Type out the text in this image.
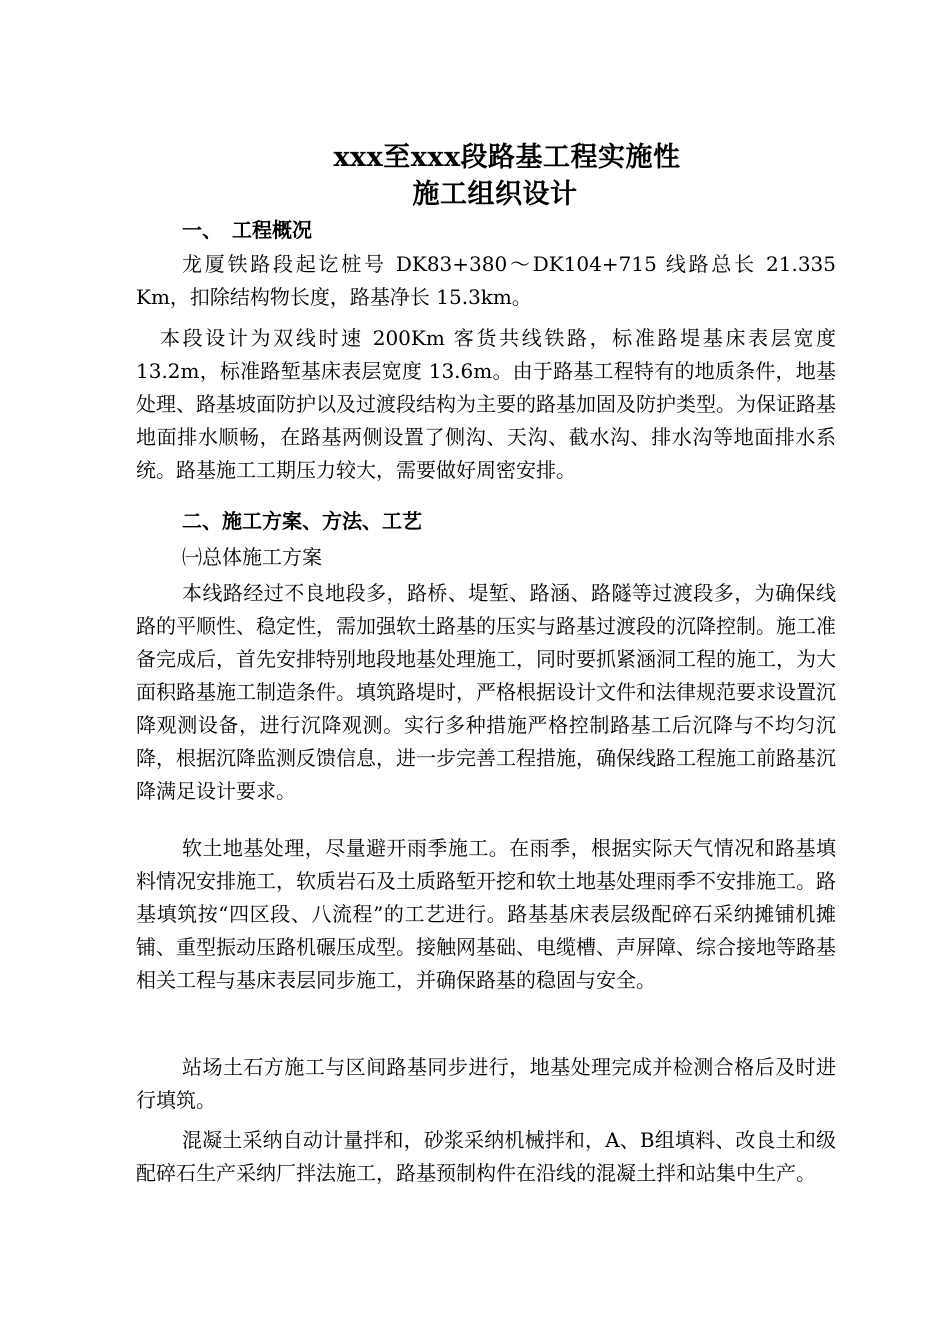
xxx至xxx段路基工程实施性
施工组织设计
一、　工程概况

龙厦铁路段起讫桩号 DK83+380～DK104+715 线路总长 21.335 Km，扣除结构物长度，路基净长 15.3km。

本段设计为双线时速 200Km 客货共线铁路，标准路堤基床表层宽度 13.2m，标准路堑基床表层宽度 13.6m。由于路基工程特有的地质条件，地基处理、路基坡面防护以及过渡段结构为主要的路基加固及防护类型。为保证路基地面排水顺畅，在路基两侧设置了侧沟、天沟、截水沟、排水沟等地面排水系统。路基施工工期压力较大，需要做好周密安排。

二、施工方案、方法、工艺
㈠总体施工方案

本线路经过不良地段多，路桥、堤堑、路涵、路隧等过渡段多，为确保线路的平顺性、稳定性，需加强软土路基的压实与路基过渡段的沉降控制。施工准备完成后，首先安排特别地段地基处理施工，同时要抓紧涵洞工程的施工，为大面积路基施工制造条件。填筑路堤时，严格根据设计文件和法律规范要求设置沉降观测设备，进行沉降观测。实行多种措施严格控制路基工后沉降与不均匀沉降，根据沉降监测反馈信息，进一步完善工程措施，确保线路工程施工前路基沉降满足设计要求。

软土地基处理，尽量避开雨季施工。在雨季，根据实际天气情况和路基填料情况安排施工，软质岩石及土质路堑开挖和软土地基处理雨季不安排施工。路基填筑按“四区段、八流程”的工艺进行。路基基床表层级配碎石采纳摊铺机摊铺、重型振动压路机碾压成型。接触网基础、电缆槽、声屏障、综合接地等路基相关工程与基床表层同步施工，并确保路基的稳固与安全。

站场土石方施工与区间路基同步进行，地基处理完成并检测合格后及时进行填筑。

混凝土采纳自动计量拌和，砂浆采纳机械拌和，A、B组填料、改良土和级配碎石生产采纳厂拌法施工，路基预制构件在沿线的混凝土拌和站集中生产。
